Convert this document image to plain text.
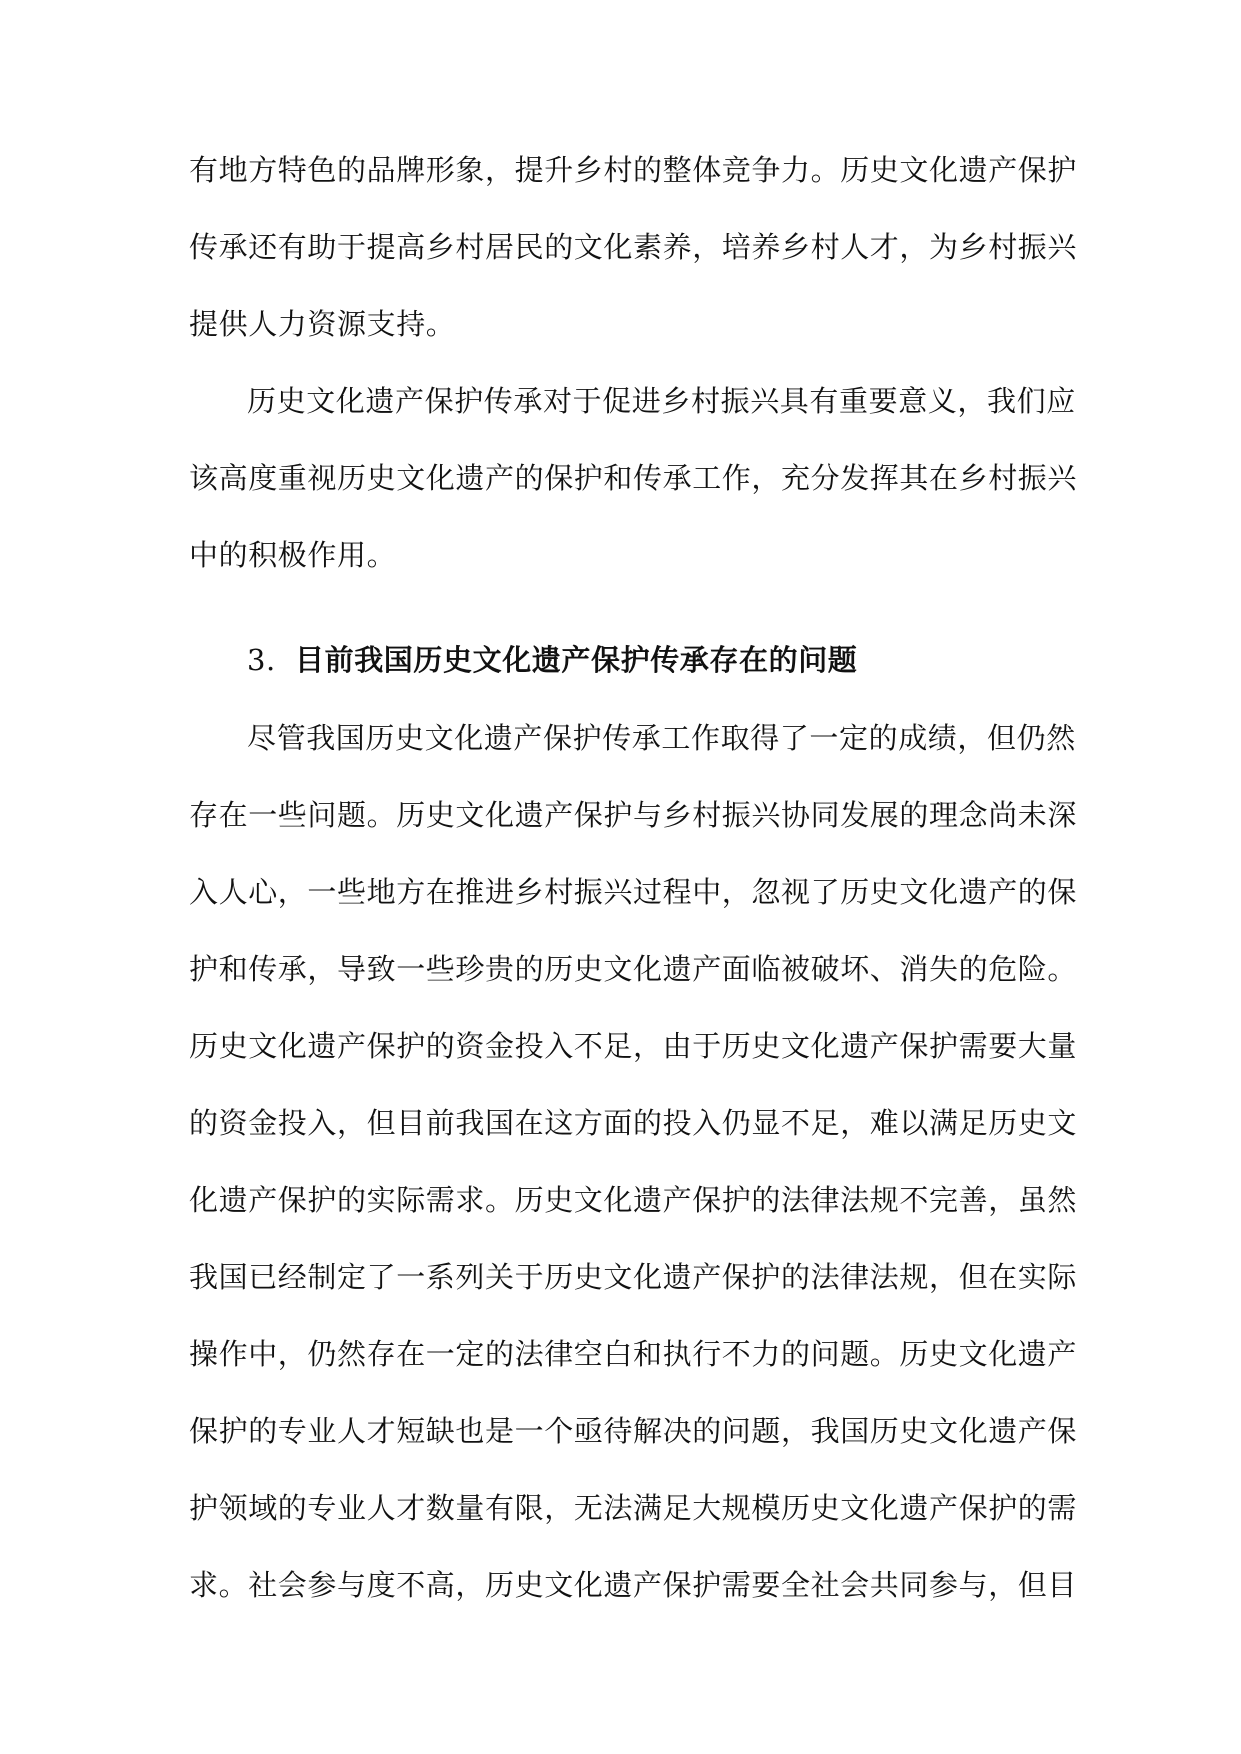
有地方特色的品牌形象，提升乡村的整体竞争力。历史文化遗产保护
传承还有助于提高乡村居民的文化素养，培养乡村人才，为乡村振兴
提供人力资源支持。
历史文化遗产保护传承对于促进乡村振兴具有重要意义，我们应
该高度重视历史文化遗产的保护和传承工作，充分发挥其在乡村振兴
中的积极作用。
3. 目前我国历史文化遗产保护传承存在的问题
尽管我国历史文化遗产保护传承工作取得了一定的成绩，但仍然
存在一些问题。历史文化遗产保护与乡村振兴协同发展的理念尚未深
入人心，一些地方在推进乡村振兴过程中，忽视了历史文化遗产的保
护和传承，导致一些珍贵的历史文化遗产面临被破坏、消失的危险。
历史文化遗产保护的资金投入不足，由于历史文化遗产保护需要大量
的资金投入，但目前我国在这方面的投入仍显不足，难以满足历史文
化遗产保护的实际需求。历史文化遗产保护的法律法规不完善，虽然
我国已经制定了一系列关于历史文化遗产保护的法律法规，但在实际
操作中，仍然存在一定的法律空白和执行不力的问题。历史文化遗产
保护的专业人才短缺也是一个亟待解决的问题，我国历史文化遗产保
护领域的专业人才数量有限，无法满足大规模历史文化遗产保护的需
求。社会参与度不高，历史文化遗产保护需要全社会共同参与，但目
